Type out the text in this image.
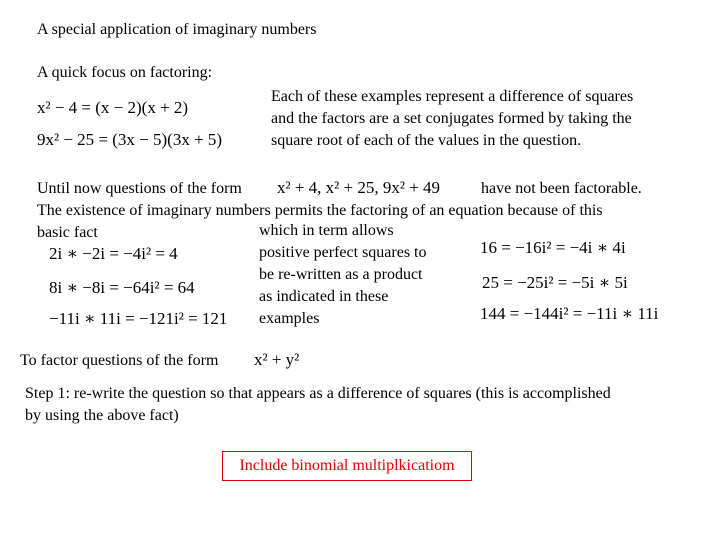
A special application of imaginary numbers
A quick focus on factoring:
x² − 4 = (x − 2)(x + 2)
9x² − 25 = (3x − 5)(3x + 5)
Each of these examples represent a difference of squares
and the factors are a set conjugates formed by taking the
square root of each of the values in the question.
Until now questions of the form x² + 4, x² + 25, 9x² + 49	have not been factorable.
The existence of imaginary numbers permits the factoring of an equation because of this
basic fact
2i ∗ −2i = −4i² = 4
8i ∗ −8i = −64i² = 64
−11i ∗ 11i = −121i² = 121
which in term allows
positive perfect squares to
be re-written as a product
as indicated in these
examples
16 = −16i² = −4i ∗ 4i
25 = −25i² = −5i ∗ 5i
144 = −144i² = −11i ∗ 11i
To factor questions of the form x² + y²
Step 1: re-write the question so that appears as a difference of squares (this is accomplished
by using the above fact)
Include binomial multiplkicatiom
